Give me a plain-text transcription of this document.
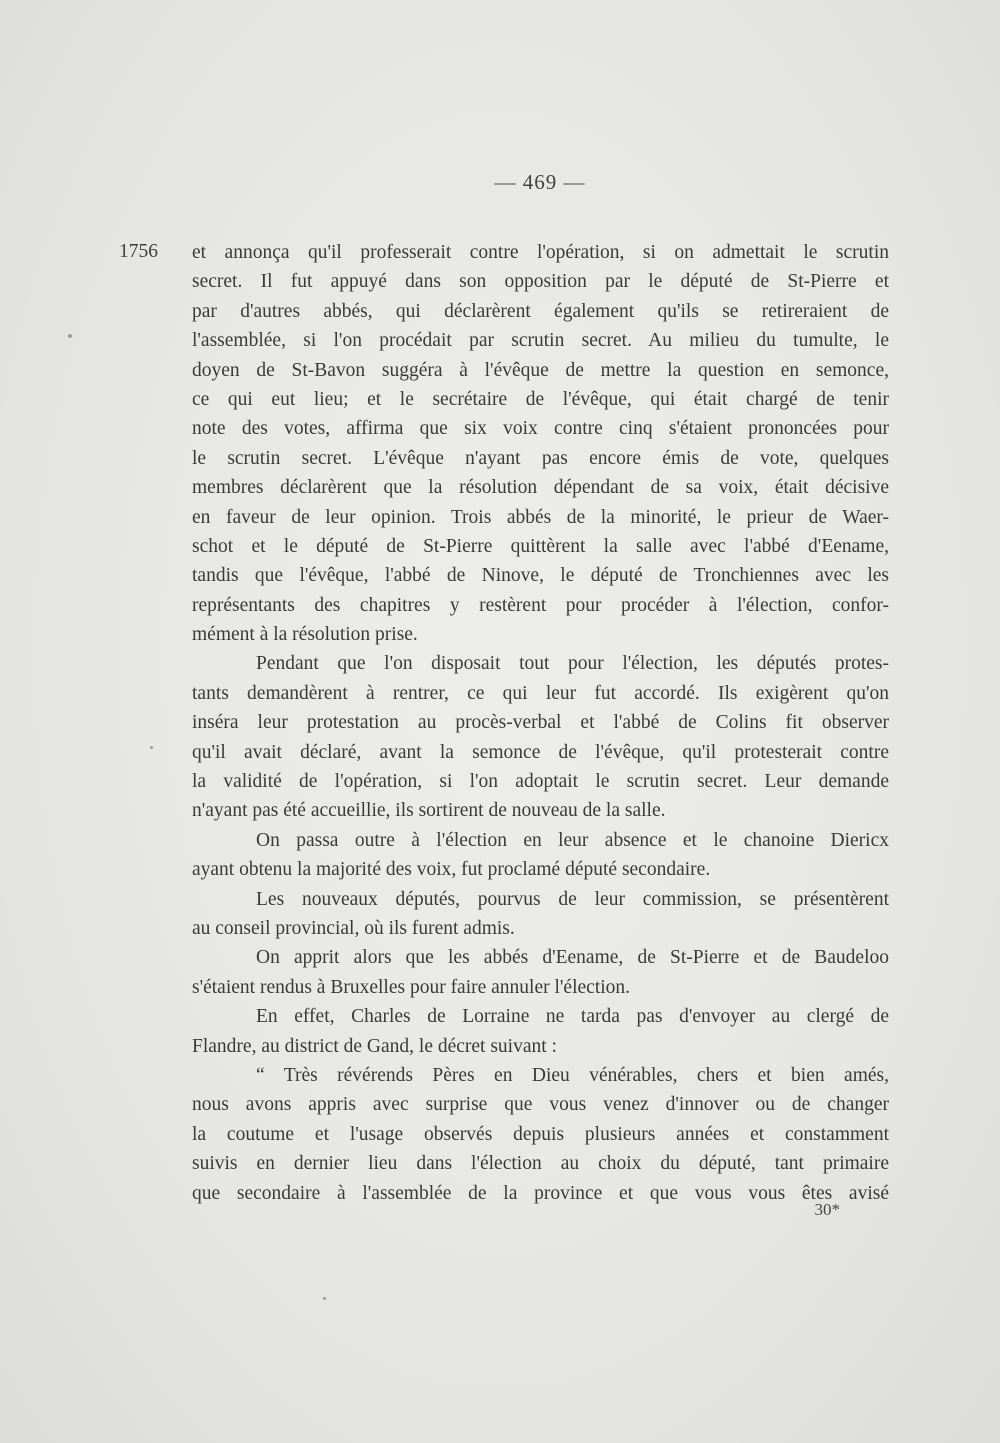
— 469 —
1756 et annonça qu'il professerait contre l'opération, si on admettait le scrutin
secret. Il fut appuyé dans son opposition par le député de St-Pierre et
par d'autres abbés, qui déclarèrent également qu'ils se retireraient de
l'assemblée, si l'on procédait par scrutin secret. Au milieu du tumulte, le
doyen de St-Bavon suggéra à l'évêque de mettre la question en semonce,
ce qui eut lieu; et le secrétaire de l'évêque, qui était chargé de tenir
note des votes, affirma que six voix contre cinq s'étaient prononcées pour
le scrutin secret. L'évêque n'ayant pas encore émis de vote, quelques
membres déclarèrent que la résolution dépendant de sa voix, était décisive
en faveur de leur opinion. Trois abbés de la minorité, le prieur de Waer-
schot et le député de St-Pierre quittèrent la salle avec l'abbé d'Eename,
tandis que l'évêque, l'abbé de Ninove, le député de Tronchiennes avec les
représentants des chapitres y restèrent pour procéder à l'élection, confor-
mément à la résolution prise.
Pendant que l'on disposait tout pour l'élection, les députés protes-
tants demandèrent à rentrer, ce qui leur fut accordé. Ils exigèrent qu'on
inséra leur protestation au procès-verbal et l'abbé de Colins fit observer
qu'il avait déclaré, avant la semonce de l'évêque, qu'il protesterait contre
la validité de l'opération, si l'on adoptait le scrutin secret. Leur demande
n'ayant pas été accueillie, ils sortirent de nouveau de la salle.
On passa outre à l'élection en leur absence et le chanoine Diericx
ayant obtenu la majorité des voix, fut proclamé député secondaire.
Les nouveaux députés, pourvus de leur commission, se présentèrent
au conseil provincial, où ils furent admis.
On apprit alors que les abbés d'Eename, de St-Pierre et de Baudeloo
s'étaient rendus à Bruxelles pour faire annuler l'élection.
En effet, Charles de Lorraine ne tarda pas d'envoyer au clergé de
Flandre, au district de Gand, le décret suivant :
“ Très révérends Pères en Dieu vénérables, chers et bien amés,
nous avons appris avec surprise que vous venez d'innover ou de changer
la coutume et l'usage observés depuis plusieurs années et constamment
suivis en dernier lieu dans l'élection au choix du député, tant primaire
que secondaire à l'assemblée de la province et que vous vous êtes avisé
30*
